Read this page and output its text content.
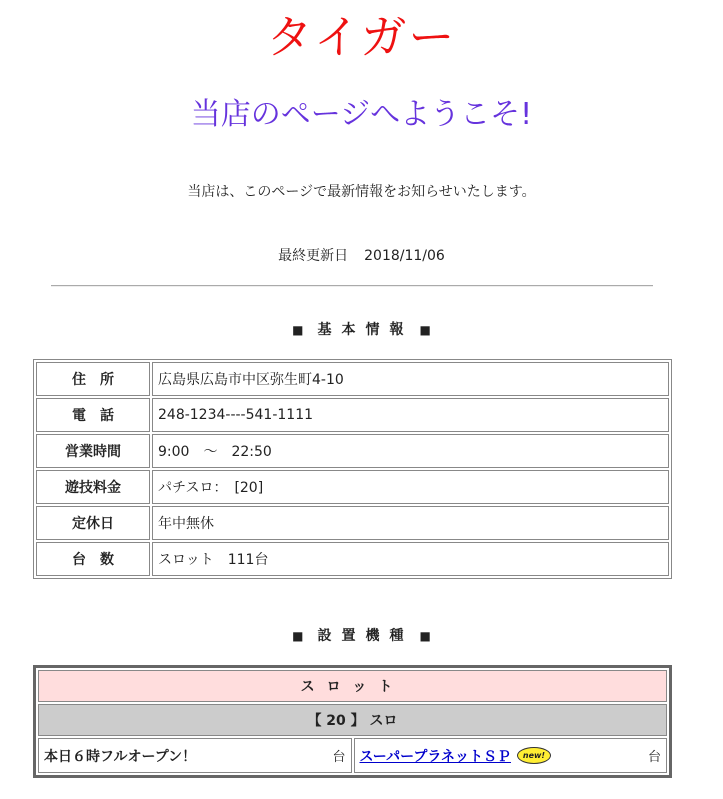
タイガー
当店のページへようこそ!

当店は、このページで最新情報をお知らせいたします。

最終更新日 2018/11/06

■ 基本情報 ■
住　所	広島県広島市中区弥生町4-10
電　話	248-1234----541-1111
営業時間	9:00　～　22:50
遊技料金	パチスロ：　[20]
定休日	年中無休
台　数	スロット　111台
■ 設置機種 ■
スロット
【 20 】 スロ

本日６時フルオープン！	台	スーパープラネットＳＰ	new!	台
